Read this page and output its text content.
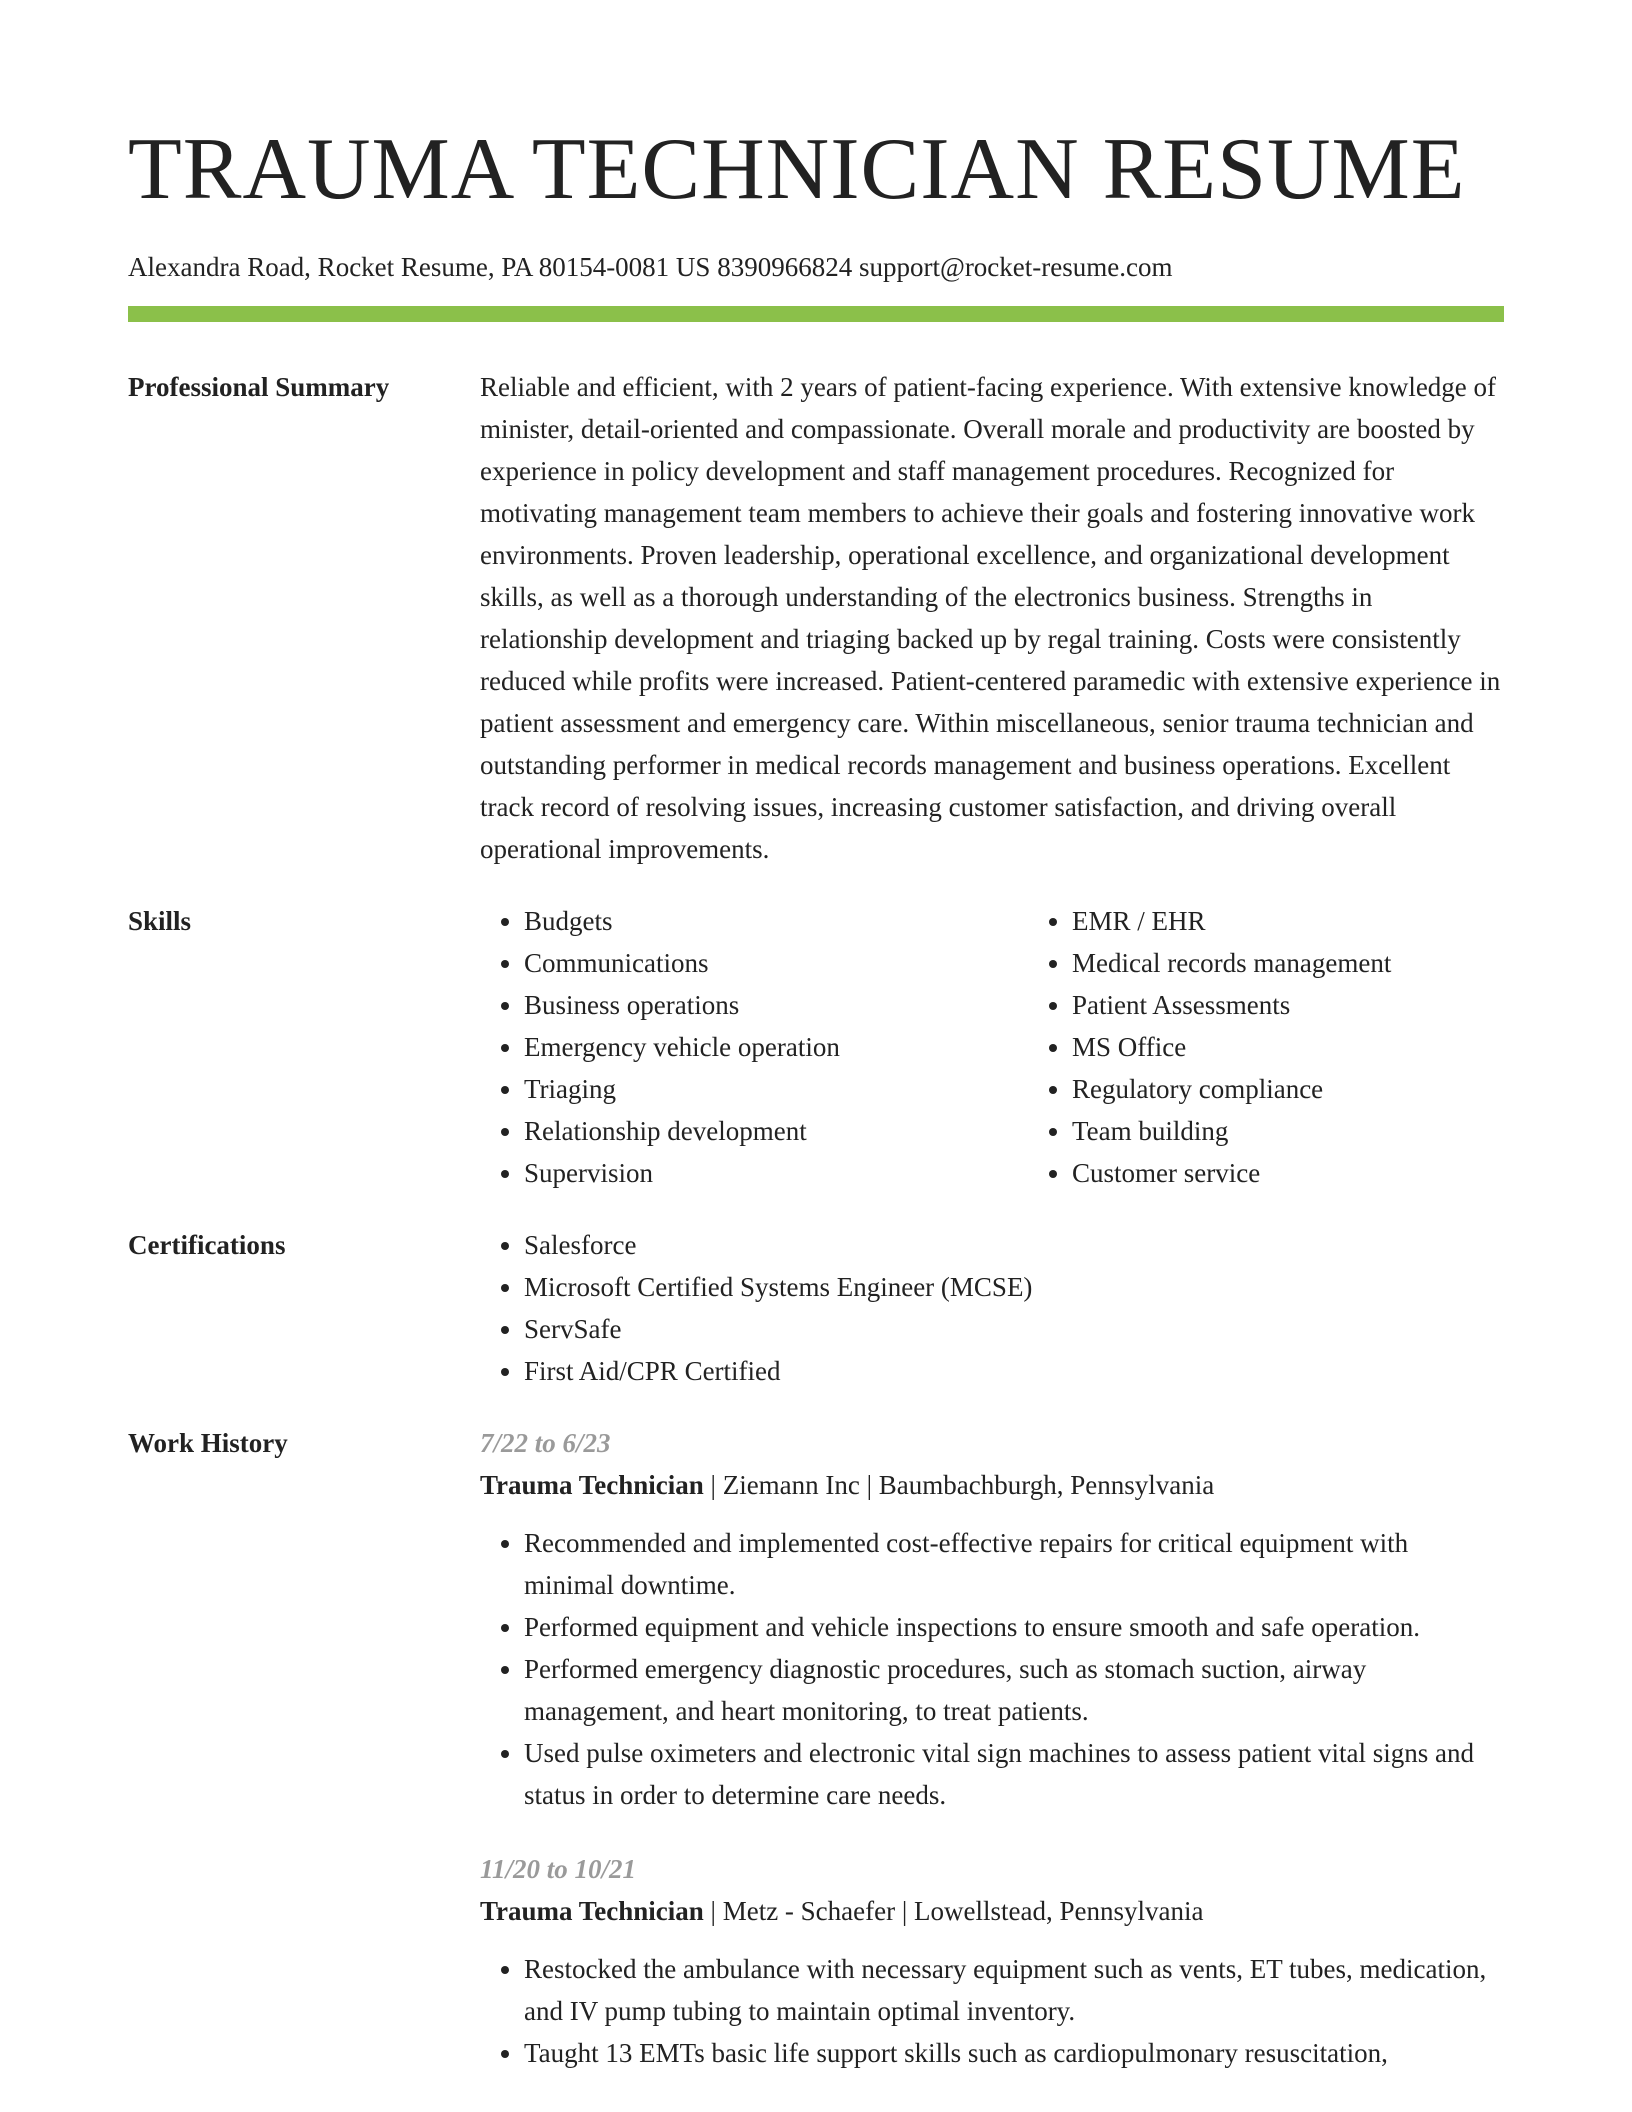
TRAUMA TECHNICIAN RESUME
Alexandra Road, Rocket Resume, PA 80154-0081 US 8390966824 support@rocket-resume.com
Professional Summary	Reliable and efficient, with 2 years of patient-facing experience. With extensive knowledge of minister, detail-oriented and compassionate. Overall morale and productivity are boosted by experience in policy development and staff management procedures. Recognized for motivating management team members to achieve their goals and fostering innovative work environments. Proven leadership, operational excellence, and organizational development skills, as well as a thorough understanding of the electronics business. Strengths in relationship development and triaging backed up by regal training. Costs were consistently reduced while profits were increased. Patient-centered paramedic with extensive experience in patient assessment and emergency care. Within miscellaneous, senior trauma technician and outstanding performer in medical records management and business operations. Excellent track record of resolving issues, increasing customer satisfaction, and driving overall operational improvements.

Skills	• Budgets
• Communications
• Business operations
• Emergency vehicle operation
• Triaging
• Relationship development
• Supervision
• EMR / EHR
• Medical records management
• Patient Assessments
• MS Office
• Regulatory compliance
• Team building
• Customer service
Certifications	• Salesforce
• Microsoft Certified Systems Engineer (MCSE)
• ServSafe
• First Aid/CPR Certified
Work History	7/22 to 6/23
Trauma Technician | Ziemann Inc | Baumbachburgh, Pennsylvania
• Recommended and implemented cost-effective repairs for critical equipment with minimal downtime.
• Performed equipment and vehicle inspections to ensure smooth and safe operation.
• Performed emergency diagnostic procedures, such as stomach suction, airway management, and heart monitoring, to treat patients.
• Used pulse oximeters and electronic vital sign machines to assess patient vital signs and status in order to determine care needs.
11/20 to 10/21
Trauma Technician | Metz - Schaefer | Lowellstead, Pennsylvania
• Restocked the ambulance with necessary equipment such as vents, ET tubes, medication, and IV pump tubing to maintain optimal inventory.
• Taught 13 EMTs basic life support skills such as cardiopulmonary resuscitation,
